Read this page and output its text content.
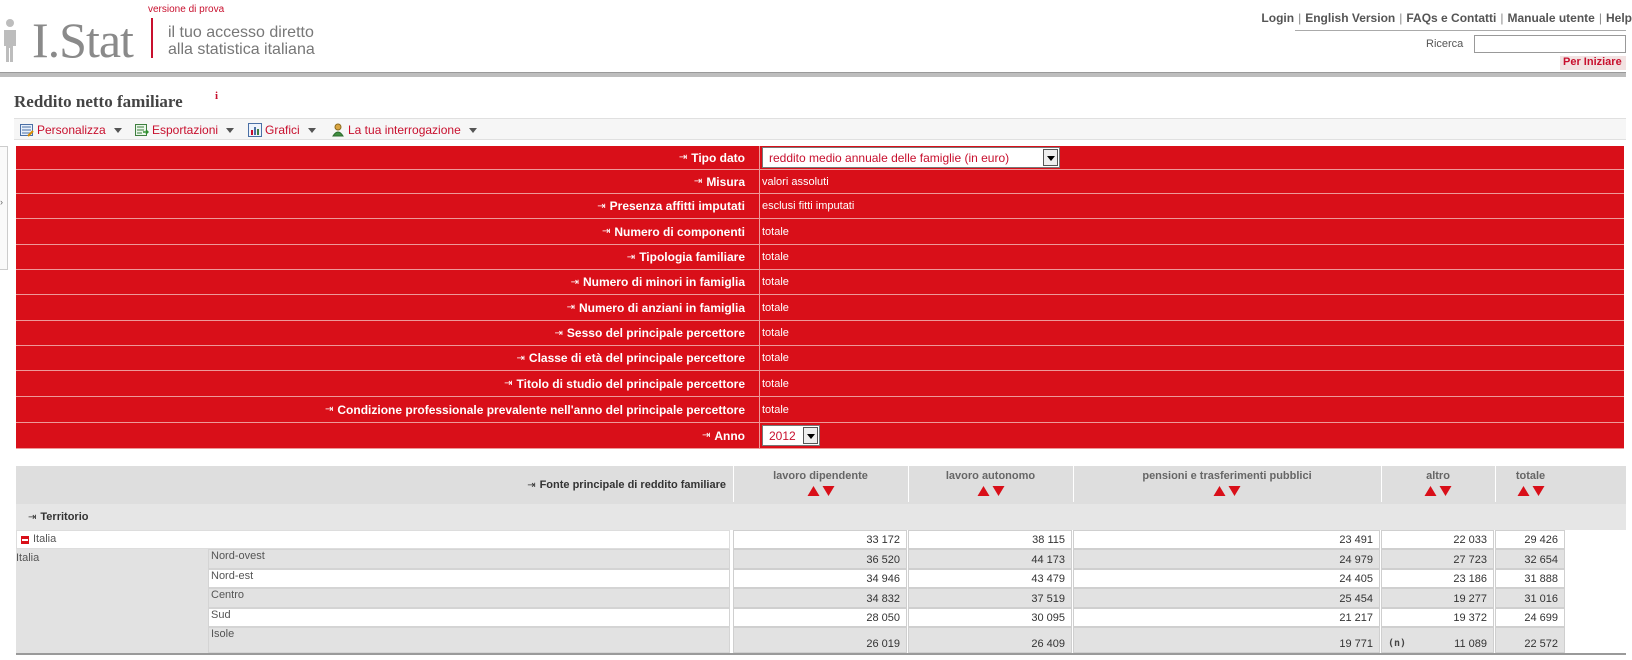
I.Stat
versione di prova
il tuo accesso diretto
alla statistica italiana
Login | English Version | FAQs e Contatti | Manuale utente | Help
Ricerca
Per Iniziare
Reddito netto familiare	i
Personalizza	Esportazioni	Grafici	La tua interrogazione
›
⇥ Tipo dato reddito medio annuale delle famiglie (in euro)
⇥ Misura valori assoluti
⇥ Presenza affitti imputati esclusi fitti imputati
⇥ Numero di componenti totale
⇥ Tipologia familiare totale
⇥ Numero di minori in famiglia totale
⇥ Numero di anziani in famiglia totale
⇥ Sesso del principale percettore totale
⇥ Classe di età del principale percettore totale
⇥ Titolo di studio del principale percettore totale
⇥ Condizione professionale prevalente nell'anno del principale percettore totale
⇥ Anno 2012
⇥ Fonte principale di reddito familiare
lavoro dipendente	lavoro autonomo	pensioni e trasferimenti pubblici	altro	totale
⇥ Territorio
Italia	33 172	38 115	23 491	22 033	29 426
Italia	Nord-ovest	36 520	44 173	24 979	27 723	32 654
Nord-est	34 946	43 479	24 405	23 186	31 888
Centro	34 832	37 519	25 454	19 277	31 016
Sud	28 050	30 095	21 217	19 372	24 699
Isole
26 019	26 409	19 771	11 089
(n)	22 572
